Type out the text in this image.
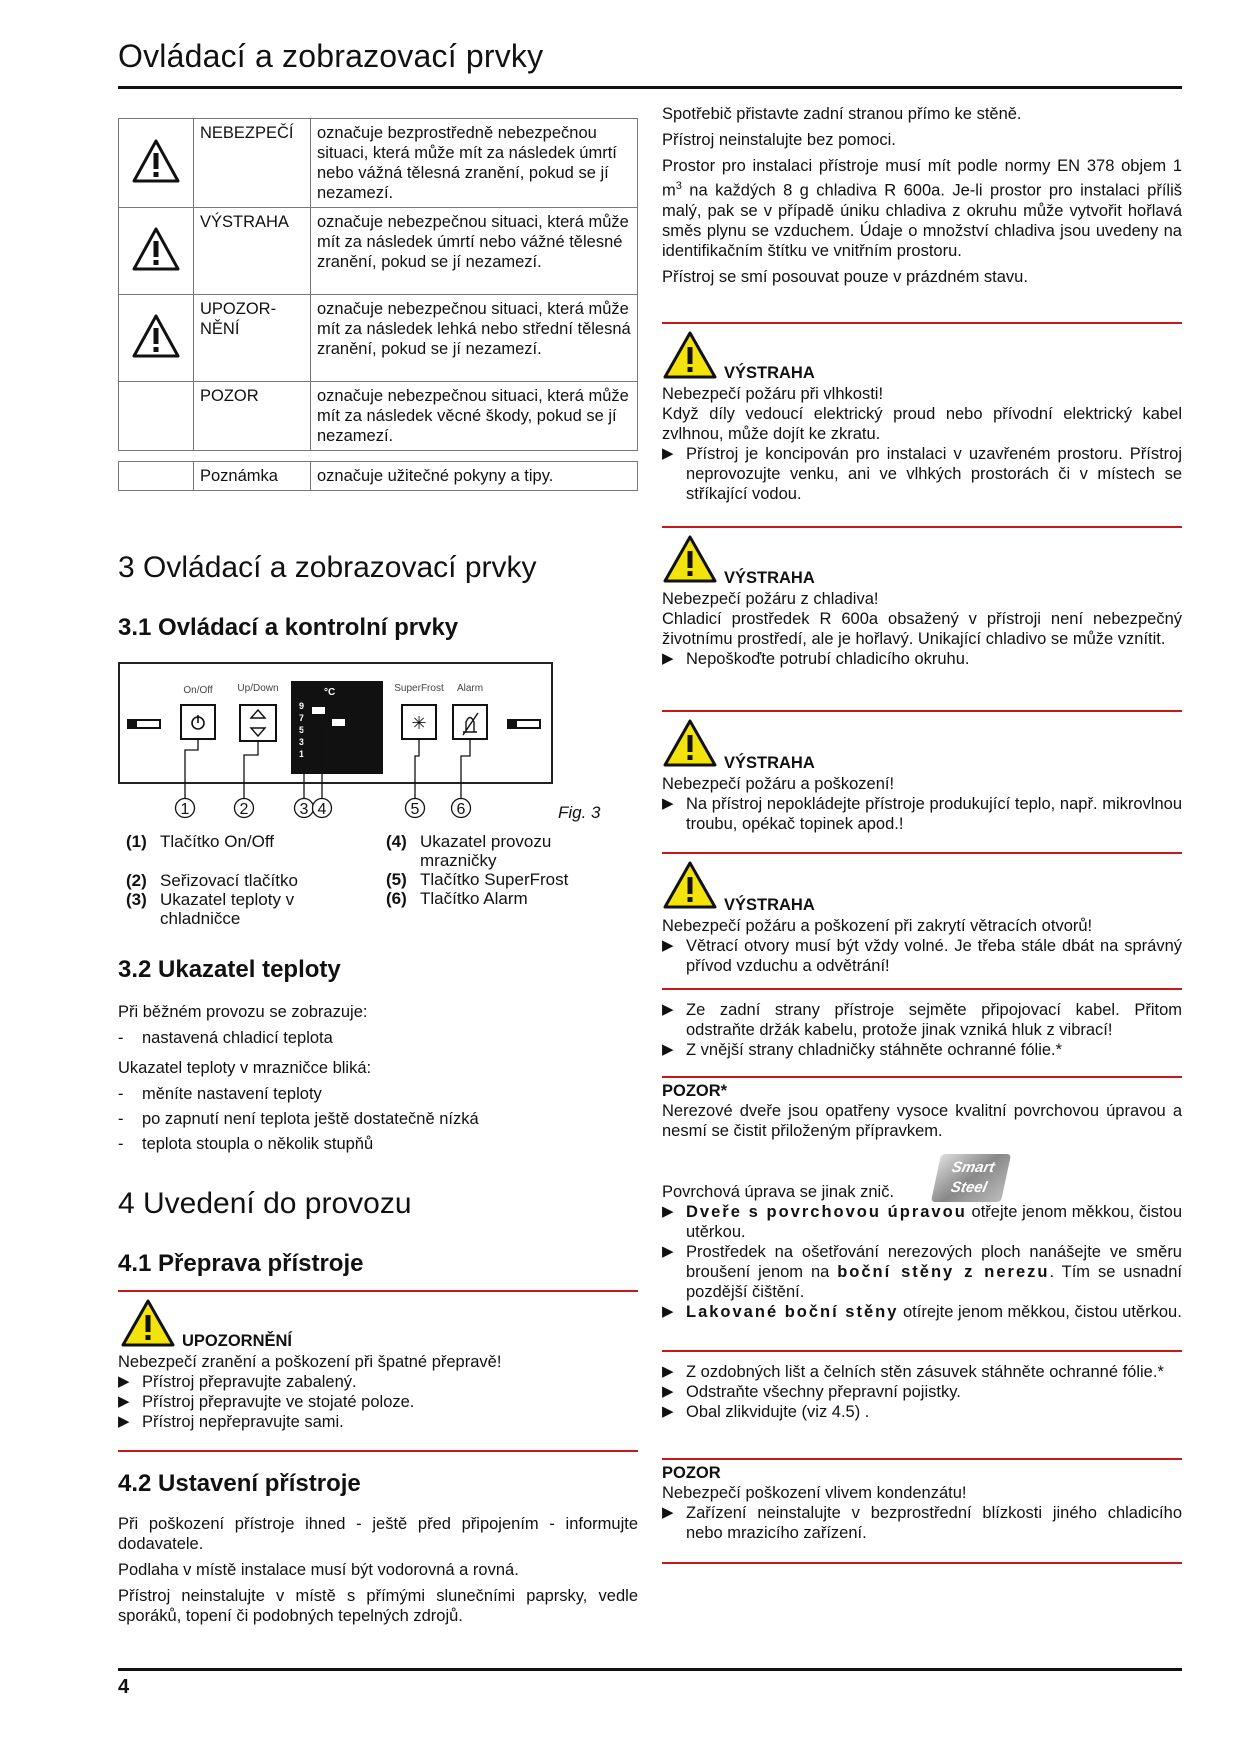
Ovládací a zobrazovací prvky
	NEBEZPEČÍ	označuje bezprostředně nebezpečnou situaci, která může mít za následek úmrtí nebo vážná tělesná zranění, pokud se jí nezamezí.
	VÝSTRAHA	označuje nebezpečnou situaci, která může mít za následek úmrtí nebo vážné tělesné zranění, pokud se jí nezamezí.
	UPOZORNĚNÍ	označuje nebezpečnou situaci, která může mít za následek lehká nebo střední tělesná zranění, pokud se jí nezamezí.
	POZOR	označuje nebezpečnou situaci, která může mít za následek věcné škody, pokud se jí nezamezí.
	Poznámka	označuje užitečné pokyny a tipy.
3 Ovládací a zobrazovací prvky
3.1 Ovládací a kontrolní prvky
On/Off Up/Down	SuperFrost Alarm
°C
9 7 5 3 1
✳
1	2	3 4	5 6	Fig. 3
(1) Tlačítko On/Off
(2) Seřizovací tlačítko
(3) Ukazatel teploty v chladničce
(4) Ukazatel provozu mrazničky
(5) Tlačítko SuperFrost
(6) Tlačítko Alarm
3.2 Ukazatel teploty
Při běžném provozu se zobrazuje:
- nastavená chladicí teplota
Ukazatel teploty v mrazničce bliká:
- měníte nastavení teploty
- po zapnutí není teplota ještě dostatečně nízká
- teplota stoupla o několik stupňů
4 Uvedení do provozu
4.1 Přeprava přístroje
UPOZORNĚNÍ
Nebezpečí zranění a poškození při špatné přepravě!
▶ Přístroj přepravujte zabalený.
▶ Přístroj přepravujte ve stojaté poloze.
▶ Přístroj nepřepravujte sami.
4.2 Ustavení přístroje
Při poškození přístroje ihned - ještě před připojením - informujte dodavatele.
Podlaha v místě instalace musí být vodorovná a rovná.
Přístroj neinstalujte v místě s přímými slunečními paprsky, vedle sporáků, topení či podobných tepelných zdrojů.
Spotřebič přistavte zadní stranou přímo ke stěně.
Přístroj neinstalujte bez pomoci.
Prostor pro instalaci přístroje musí mít podle normy EN 378 objem 1 $m^3$ na každých 8 g chladiva R 600a. Je-li prostor pro instalaci příliš malý, pak se v případě úniku chladiva z okruhu může vytvořit hořlavá směs plynu se vzduchem. Údaje o množství chladiva jsou uvedeny na identifikačním štítku ve vnitřním prostoru.
Přístroj se smí posouvat pouze v prázdném stavu.
VÝSTRAHA
Nebezpečí požáru při vlhkosti!
Když díly vedoucí elektrický proud nebo přívodní elektrický kabel zvlhnou, může dojít ke zkratu.
▶ Přístroj je koncipován pro instalaci v uzavřeném prostoru. Přístroj neprovozujte venku, ani ve vlhkých prostorách či v místech se stříkající vodou.
VÝSTRAHA
Nebezpečí požáru z chladiva!
Chladicí prostředek R 600a obsažený v přístroji není nebezpečný životnímu prostředí, ale je hořlavý. Unikající chladivo se může vznítit.
▶ Nepoškoďte potrubí chladicího okruhu.
VÝSTRAHA
Nebezpečí požáru a poškození!
▶ Na přístroj nepokládejte přístroje produkující teplo, např. mikrovlnou troubu, opékač topinek apod.!
VÝSTRAHA
Nebezpečí požáru a poškození při zakrytí větracích otvorů!
▶ Větrací otvory musí být vždy volné. Je třeba stále dbát na správný přívod vzduchu a odvětrání!
▶ Ze zadní strany přístroje sejměte připojovací kabel. Přitom odstraňte držák kabelu, protože jinak vzniká hluk z vibrací!
▶ Z vnější strany chladničky stáhněte ochranné fólie.*
POZOR*
Nerezové dveře jsou opatřeny vysoce kvalitní povrchovou úpravou a nesmí se čistit přiloženým přípravkem.
Smart
Steel
Povrchová úprava se jinak znič.
▶ Dveře s povrchovou úpravou otřejte jenom měkkou, čistou utěrkou.
▶ Prostředek na ošetřování nerezových ploch nanášejte ve směru broušení jenom na boční stěny z nerezu. Tím se usnadní pozdější čištění.
▶ Lakované boční stěny otírejte jenom měkkou, čistou utěrkou.
▶ Z ozdobných lišt a čelních stěn zásuvek stáhněte ochranné fólie.*
▶ Odstraňte všechny přepravní pojistky.
▶ Obal zlikvidujte (viz 4.5) .
POZOR
Nebezpečí poškození vlivem kondenzátu!
▶ Zařízení neinstalujte v bezprostřední blízkosti jiného chladicího nebo mrazicího zařízení.
4
